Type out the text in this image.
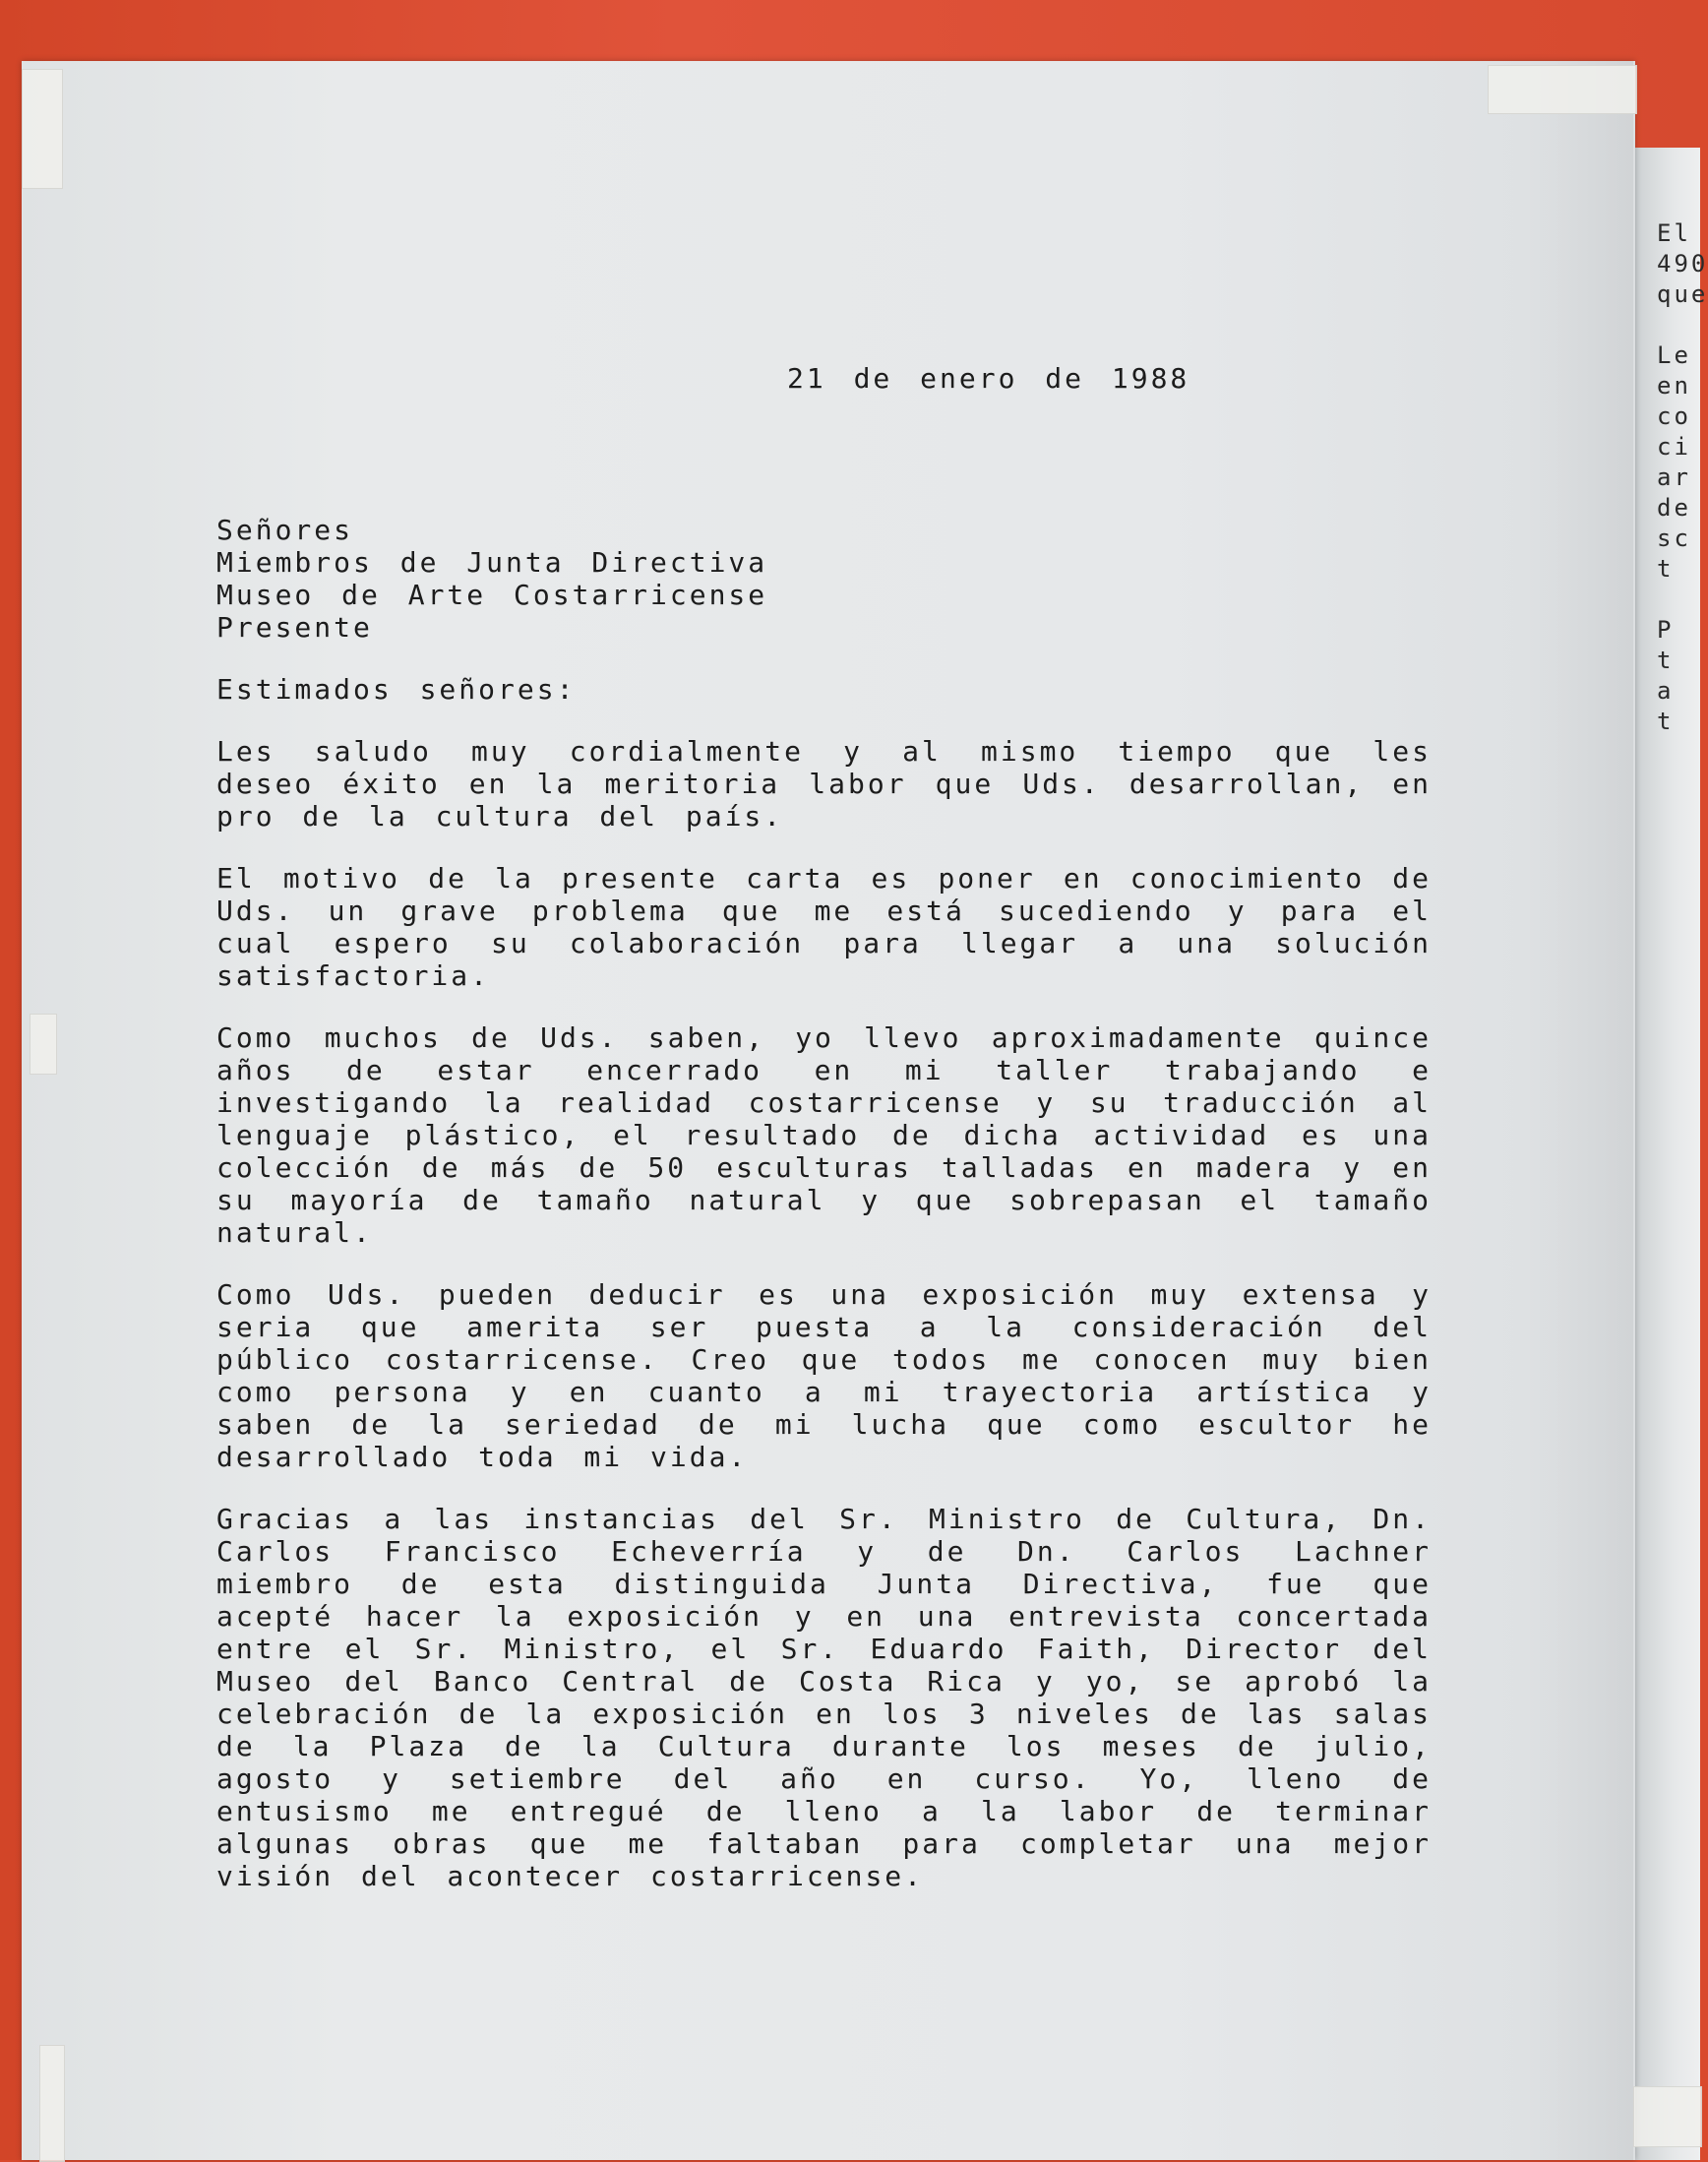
El
490
que
Le
en
co
ci
ar
de
sc
t
P
t
a
t
21 de enero de 1988
Señores
Miembros de Junta Directiva
Museo de Arte Costarricense
Presente
Estimados señores:
Les saludo muy cordialmente y al mismo tiempo que les deseo éxito en la meritoria labor que Uds. desarrollan, en pro de la cultura del país.
El motivo de la presente carta es poner en conocimiento de Uds. un grave problema que me está sucediendo y para el cual espero su colaboración para llegar a una solución satisfactoria.
Como muchos de Uds. saben, yo llevo aproximadamente quince años de estar encerrado en mi taller trabajando e investigando la realidad costarricense y su traducción al lenguaje plástico, el resultado de dicha actividad es una colección de más de 50 esculturas talladas en madera y en su mayoría de tamaño natural y que sobrepasan el tamaño natural.
Como Uds. pueden deducir es una exposición muy extensa y seria que amerita ser puesta a la consideración del público costarricense. Creo que todos me conocen muy bien como persona y en cuanto a mi trayectoria artística y saben de la seriedad de mi lucha que como escultor he desarrollado toda mi vida.
Gracias a las instancias del Sr. Ministro de Cultura, Dn. Carlos Francisco Echeverría y de Dn. Carlos Lachner miembro de esta distinguida Junta Directiva, fue que acepté hacer la exposición y en una entrevista concertada entre el Sr. Ministro, el Sr. Eduardo Faith, Director del Museo del Banco Central de Costa Rica y yo, se aprobó la celebración de la exposición en los 3 niveles de las salas de la Plaza de la Cultura durante los meses de julio, agosto y setiembre del año en curso. Yo, lleno de entusismo me entregué de lleno a la labor de terminar algunas obras que me faltaban para completar una mejor visión del acontecer costarricense.
